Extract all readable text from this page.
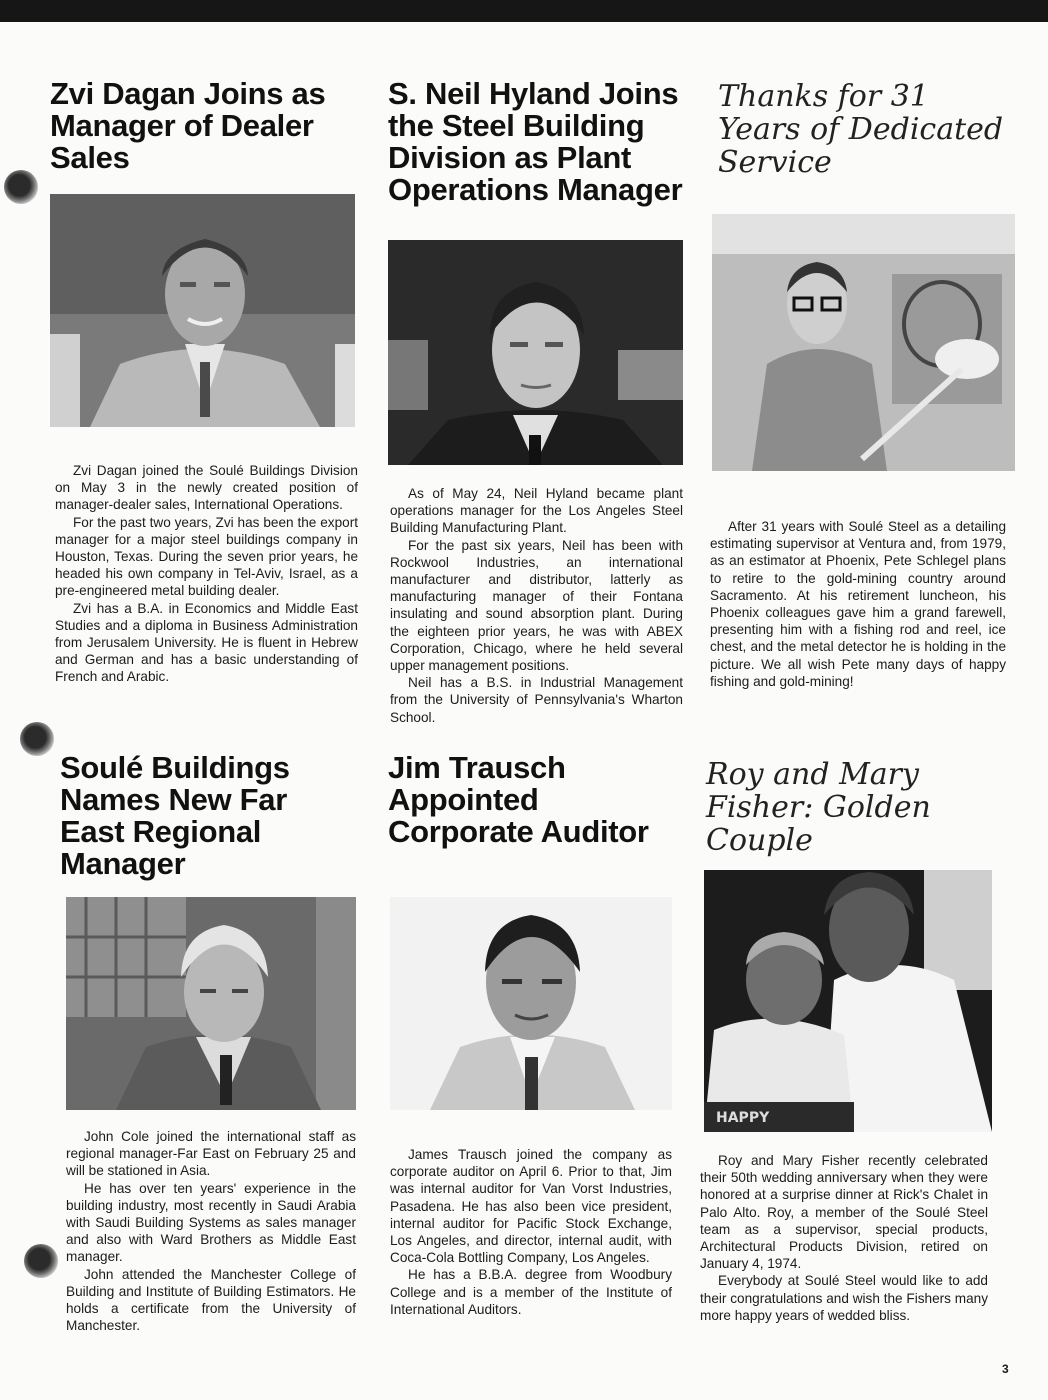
Zvi Dagan Joins as Manager of Dealer Sales

Zvi Dagan joined the Soulé Buildings Division on May 3 in the newly created position of manager-dealer sales, International Operations.

For the past two years, Zvi has been the export manager for a major steel buildings company in Houston, Texas. During the seven prior years, he headed his own company in Tel-Aviv, Israel, as a pre-engineered metal building dealer.

Zvi has a B.A. in Economics and Middle East Studies and a diploma in Business Administration from Jerusalem University. He is fluent in Hebrew and German and has a basic understanding of French and Arabic.

S. Neil Hyland Joins the Steel Building Division as Plant Operations Manager

As of May 24, Neil Hyland became plant operations manager for the Los Angeles Steel Building Manufacturing Plant.

For the past six years, Neil has been with Rockwool Industries, an international manufacturer and distributor, latterly as manufacturing manager of their Fontana insulating and sound absorption plant. During the eighteen prior years, he was with ABEX Corporation, Chicago, where he held several upper management positions.

Neil has a B.S. in Industrial Management from the University of Pennsylvania's Wharton School.

Thanks for 31 Years of Dedicated Service

After 31 years with Soulé Steel as a detailing estimating supervisor at Ventura and, from 1979, as an estimator at Phoenix, Pete Schlegel plans to retire to the gold-mining country around Sacramento. At his retirement luncheon, his Phoenix colleagues gave him a grand farewell, presenting him with a fishing rod and reel, ice chest, and the metal detector he is holding in the picture. We all wish Pete many days of happy fishing and gold-mining!

Soulé Buildings Names New Far East Regional Manager

John Cole joined the international staff as regional manager-Far East on February 25 and will be stationed in Asia.

He has over ten years' experience in the building industry, most recently in Saudi Arabia with Saudi Building Systems as sales manager and also with Ward Brothers as Middle East manager.

John attended the Manchester College of Building and Institute of Building Estimators. He holds a certificate from the University of Manchester.

Jim Trausch Appointed Corporate Auditor

James Trausch joined the company as corporate auditor on April 6. Prior to that, Jim was internal auditor for Van Vorst Industries, Pasadena. He has also been vice president, internal auditor for Pacific Stock Exchange, Los Angeles, and director, internal audit, with Coca-Cola Bottling Company, Los Angeles.

He has a B.B.A. degree from Woodbury College and is a member of the Institute of International Auditors.

Roy and Mary Fisher: Golden Couple
HAPPY

Roy and Mary Fisher recently celebrated their 50th wedding anniversary when they were honored at a surprise dinner at Rick's Chalet in Palo Alto. Roy, a member of the Soulé Steel team as a supervisor, special products, Architectural Products Division, retired on January 4, 1974.

Everybody at Soulé Steel would like to add their congratulations and wish the Fishers many more happy years of wedded bliss.

3
